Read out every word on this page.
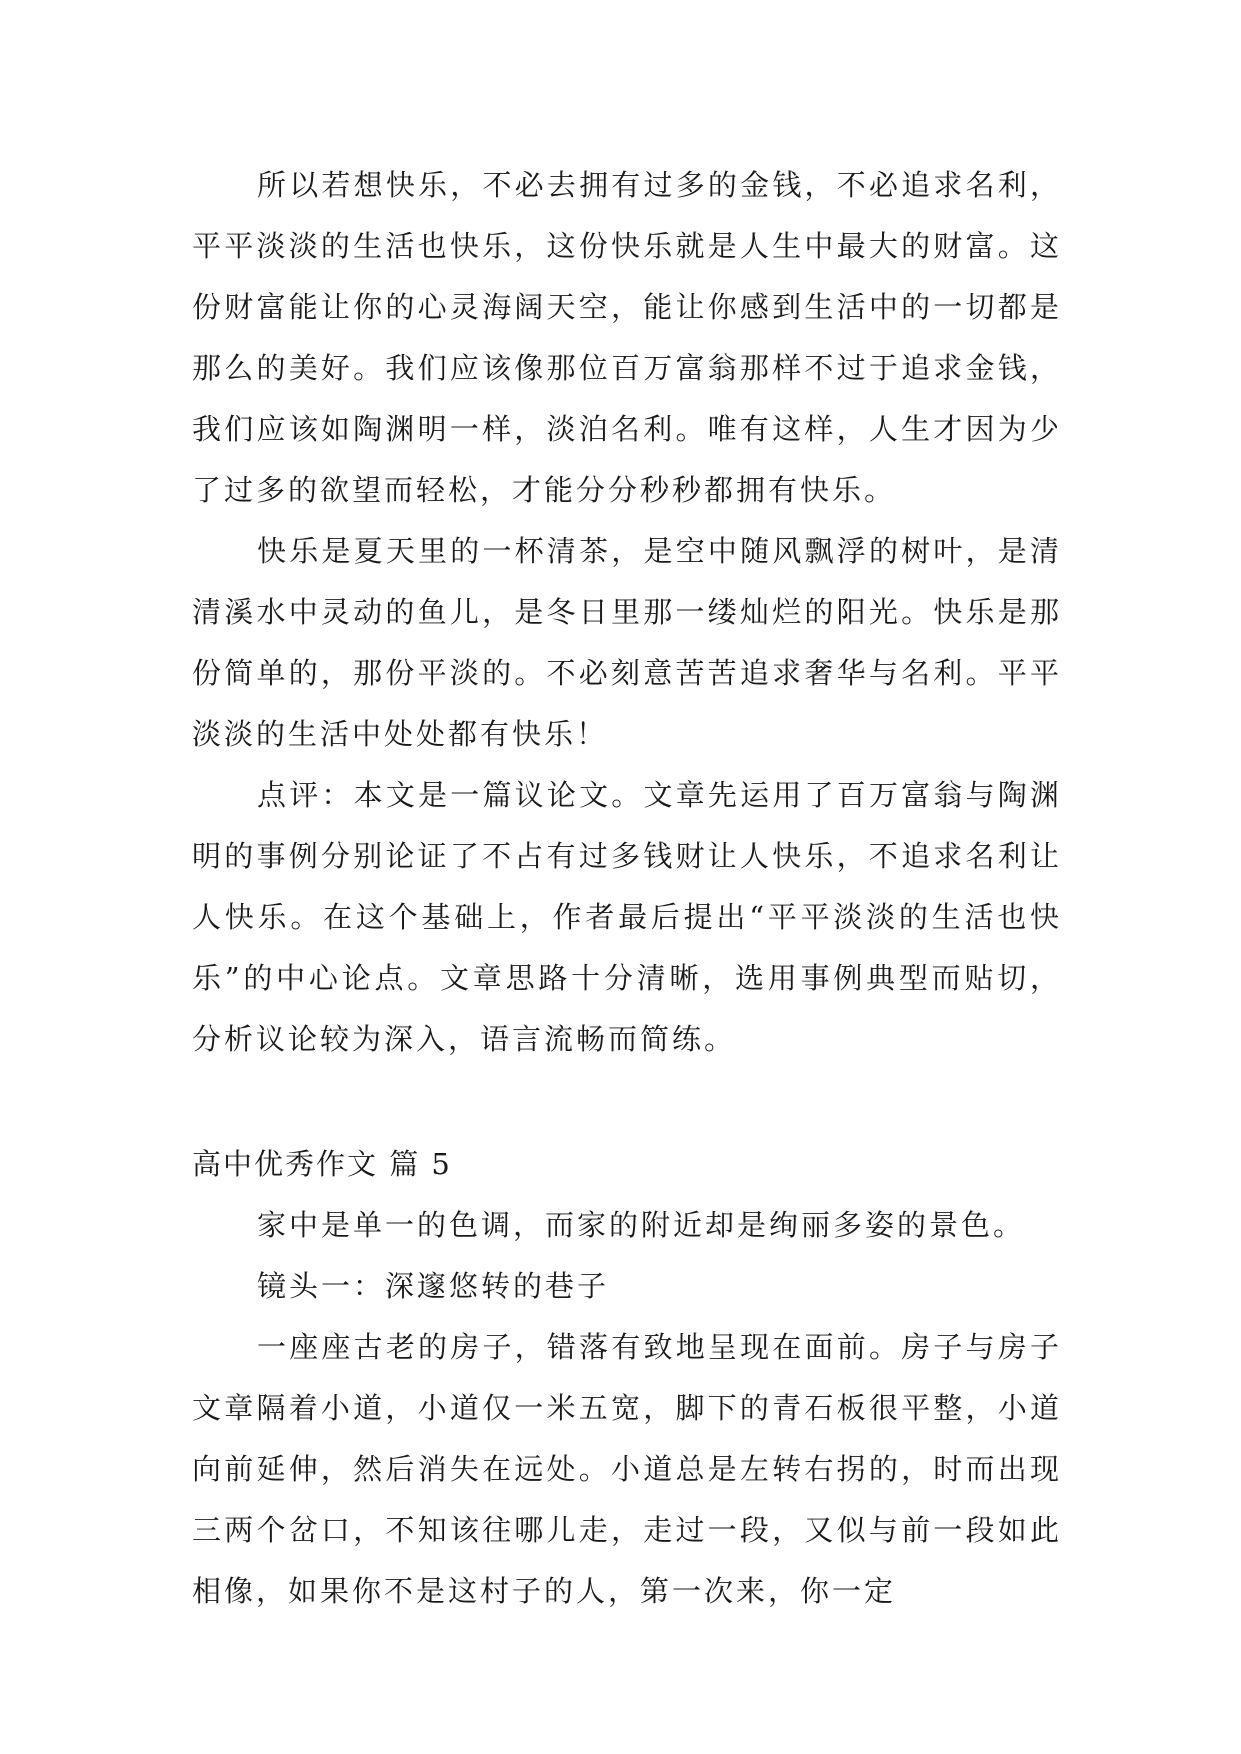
所以若想快乐，不必去拥有过多的金钱，不必追求名利，平平淡淡的生活也快乐，这份快乐就是人生中最大的财富。这份财富能让你的心灵海阔天空，能让你感到生活中的一切都是那么的美好。我们应该像那位百万富翁那样不过于追求金钱，我们应该如陶渊明一样，淡泊名利。唯有这样，人生才因为少了过多的欲望而轻松，才能分分秒秒都拥有快乐。

快乐是夏天里的一杯清茶，是空中随风飘浮的树叶，是清清溪水中灵动的鱼儿，是冬日里那一缕灿烂的阳光。快乐是那份简单的，那份平淡的。不必刻意苦苦追求奢华与名利。平平淡淡的生活中处处都有快乐！

点评：本文是一篇议论文。文章先运用了百万富翁与陶渊明的事例分别论证了不占有过多钱财让人快乐，不追求名利让人快乐。在这个基础上，作者最后提出“平平淡淡的生活也快乐”的中心论点。文章思路十分清晰，选用事例典型而贴切，分析议论较为深入，语言流畅而简练。

高中优秀作文 篇 5

家中是单一的色调，而家的附近却是绚丽多姿的景色。

镜头一：深邃悠转的巷子

一座座古老的房子，错落有致地呈现在面前。房子与房子文章隔着小道，小道仅一米五宽，脚下的青石板很平整，小道向前延伸，然后消失在远处。小道总是左转右拐的，时而出现三两个岔口，不知该往哪儿走，走过一段，又似与前一段如此相像，如果你不是这村子的人，第一次来，你一定
